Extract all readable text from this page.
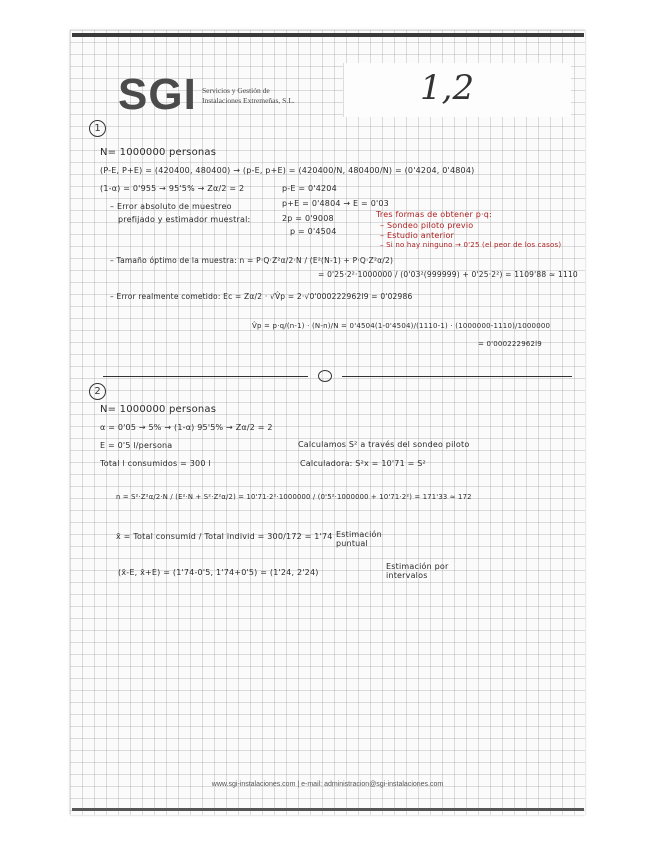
SGI Servicios y Gestión de
Instalaciones Extremeñas, S.L.	1,2
1
N= 1000000 personas
(P-E, P+E) = (420400, 480400) → (p-E, p+E) = (420400/N, 480400/N) = (0'4204, 0'4804)
(1-α) = 0'955 → 95'5% → Zα/2 = 2	p-E = 0'4204
p+E = 0'4804 → E = 0'03
– Error absoluto de muestreo
prefijado y estimador muestral:	2p = 0'9008
p = 0'4504
Tres formas de obtener p·q:
– Sondeo piloto previo
– Estudio anterior
– Si no hay ninguno → 0'25 (el peor de los casos)
– Tamaño óptimo de la muestra: n = P·Q·Z²α/2·N / (E²(N-1) + P·Q·Z²α/2)
= 0'25·2²·1000000 / (0'03²(999999) + 0'25·2²) = 1109'88 ≃ 1110
– Error realmente cometido: Ec = Zα/2 · √V̂p = 2·√0'000222962l9 = 0'02986
V̂p = p·q/(n-1) · (N-n)/N = 0'4504(1-0'4504)/(1110-1) · (1000000-1110)/1000000
= 0'000222962l9
2
N= 1000000 personas
α = 0'05 → 5% → (1-α) 95'5% → Zα/2 = 2
E = 0'5 l/persona
Total l consumidos = 300 l
Calculamos S² a través del sondeo piloto
Calculadora: S²x = 10'71 = S²
n = S²·Z²α/2·N / (E²·N + S²·Z²α/2) = 10'71·2²·1000000 / (0'5²·1000000 + 10'71·2²) = 171'33 ≃ 172
x̄ = Total consumid / Total individ = 300/172 = 1'74 Estimación puntual
(x̄-E, x̄+E) = (1'74-0'5, 1'74+0'5) = (1'24, 2'24)
Estimación por intervalos
www.sgi-instalaciones.com | e-mail: administracion@sgi-instalaciones.com
